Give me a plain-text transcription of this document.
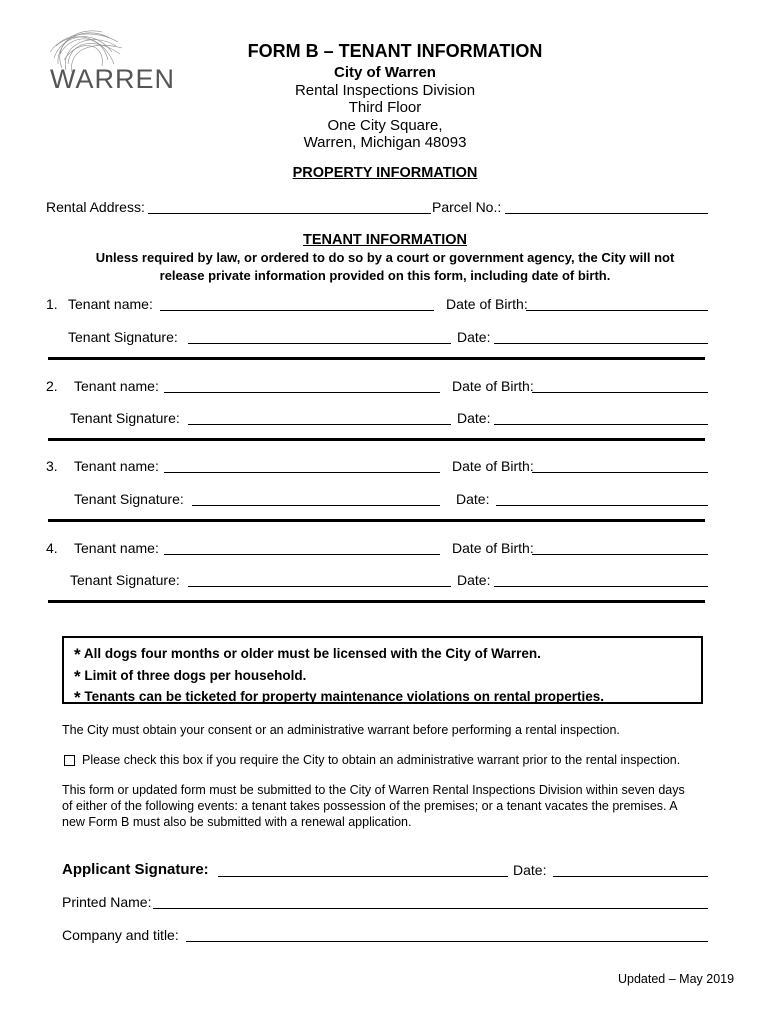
WARREN
FORM B – TENANT INFORMATION
City of Warren
Rental Inspections Division
Third Floor
One City Square,
Warren, Michigan 48093
PROPERTY INFORMATION
Rental Address:	Parcel No.:
TENANT INFORMATION
Unless required by law, or ordered to do so by a court or government agency, the City will not
release private information provided on this form, including date of birth.
1. Tenant name:	Date of Birth:
Tenant Signature:	Date:
2. Tenant name:	Date of Birth:
Tenant Signature:	Date:
3. Tenant name:	Date of Birth:
Tenant Signature:	Date:
4. Tenant name:	Date of Birth:
Tenant Signature:	Date:
* All dogs four months or older must be licensed with the City of Warren.
* Limit of three dogs per household.
* Tenants can be ticketed for property maintenance violations on rental properties.
The City must obtain your consent or an administrative warrant before performing a rental inspection.
Please check this box if you require the City to obtain an administrative warrant prior to the rental inspection.
This form or updated form must be submitted to the City of Warren Rental Inspections Division within seven days
of either of the following events: a tenant takes possession of the premises; or a tenant vacates the premises. A
new Form B must also be submitted with a renewal application.
Applicant Signature:	Date:
Printed Name:
Company and title:
Updated – May 2019
